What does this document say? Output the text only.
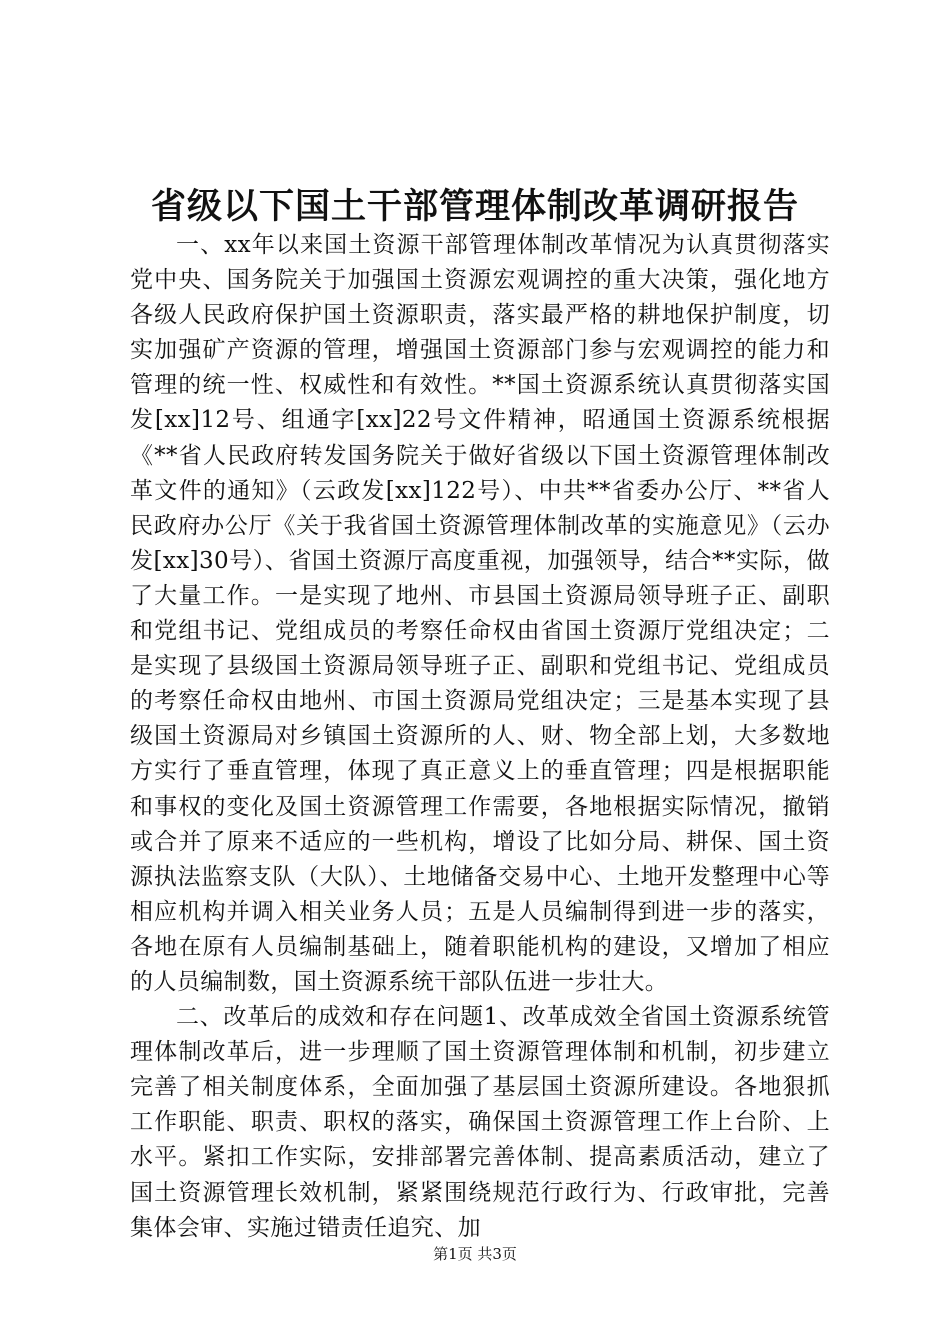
省级以下国土干部管理体制改革调研报告

一、xx年以来国土资源干部管理体制改革情况为认真贯彻落实党中央、国务院关于加强国土资源宏观调控的重大决策，强化地方各级人民政府保护国土资源职责，落实最严格的耕地保护制度，切实加强矿产资源的管理，增强国土资源部门参与宏观调控的能力和管理的统一性、权威性和有效性。**国土资源系统认真贯彻落实国发[xx]12号、组通字[xx]22号文件精神，昭通国土资源系统根据《**省人民政府转发国务院关于做好省级以下国土资源管理体制改革文件的通知》（云政发[xx]122号）、中共**省委办公厅、**省人民政府办公厅《关于我省国土资源管理体制改革的实施意见》（云办发[xx]30号）、省国土资源厅高度重视，加强领导，结合**实际，做了大量工作。一是实现了地州、市县国土资源局领导班子正、副职和党组书记、党组成员的考察任命权由省国土资源厅党组决定；二是实现了县级国土资源局领导班子正、副职和党组书记、党组成员的考察任命权由地州、市国土资源局党组决定；三是基本实现了县级国土资源局对乡镇国土资源所的人、财、物全部上划，大多数地方实行了垂直管理，体现了真正意义上的垂直管理；四是根据职能和事权的变化及国土资源管理工作需要，各地根据实际情况，撤销或合并了原来不适应的一些机构，增设了比如分局、耕保、国土资源执法监察支队（大队）、土地储备交易中心、土地开发整理中心等相应机构并调入相关业务人员；五是人员编制得到进一步的落实，各地在原有人员编制基础上，随着职能机构的建设，又增加了相应的人员编制数，国土资源系统干部队伍进一步壮大。

二、改革后的成效和存在问题1、改革成效全省国土资源系统管理体制改革后，进一步理顺了国土资源管理体制和机制，初步建立完善了相关制度体系，全面加强了基层国土资源所建设。各地狠抓工作职能、职责、职权的落实，确保国土资源管理工作上台阶、上水平。紧扣工作实际，安排部署完善体制、提高素质活动，建立了国土资源管理长效机制，紧紧围绕规范行政行为、行政审批，完善集体会审、实施过错责任追究、加

第1页 共3页
